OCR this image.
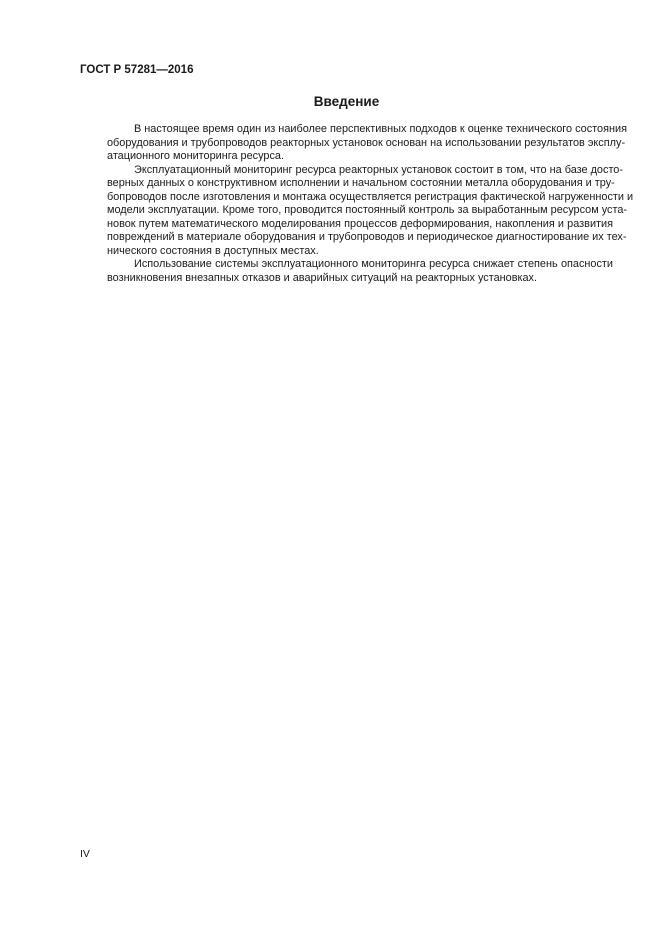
ГОСТ Р 57281—2016
Введение
В настоящее время один из наиболее перспективных подходов к оценке технического состояния
оборудования и трубопроводов реакторных установок основан на использовании результатов эксплу-
атационного мониторинга ресурса.
Эксплуатационный мониторинг ресурса реакторных установок состоит в том, что на базе досто-
верных данных о конструктивном исполнении и начальном состоянии металла оборудования и тру-
бопроводов после изготовления и монтажа осуществляется регистрация фактической нагруженности и
модели эксплуатации. Кроме того, проводится постоянный контроль за выработанным ресурсом уста-
новок путем математического моделирования процессов деформирования, накопления и развития
повреждений в материале оборудования и трубопроводов и периодическое диагностирование их тех-
нического состояния в доступных местах.
Использование системы эксплуатационного мониторинга ресурса снижает степень опасности
возникновения внезапных отказов и аварийных ситуаций на реакторных установках.
IV
